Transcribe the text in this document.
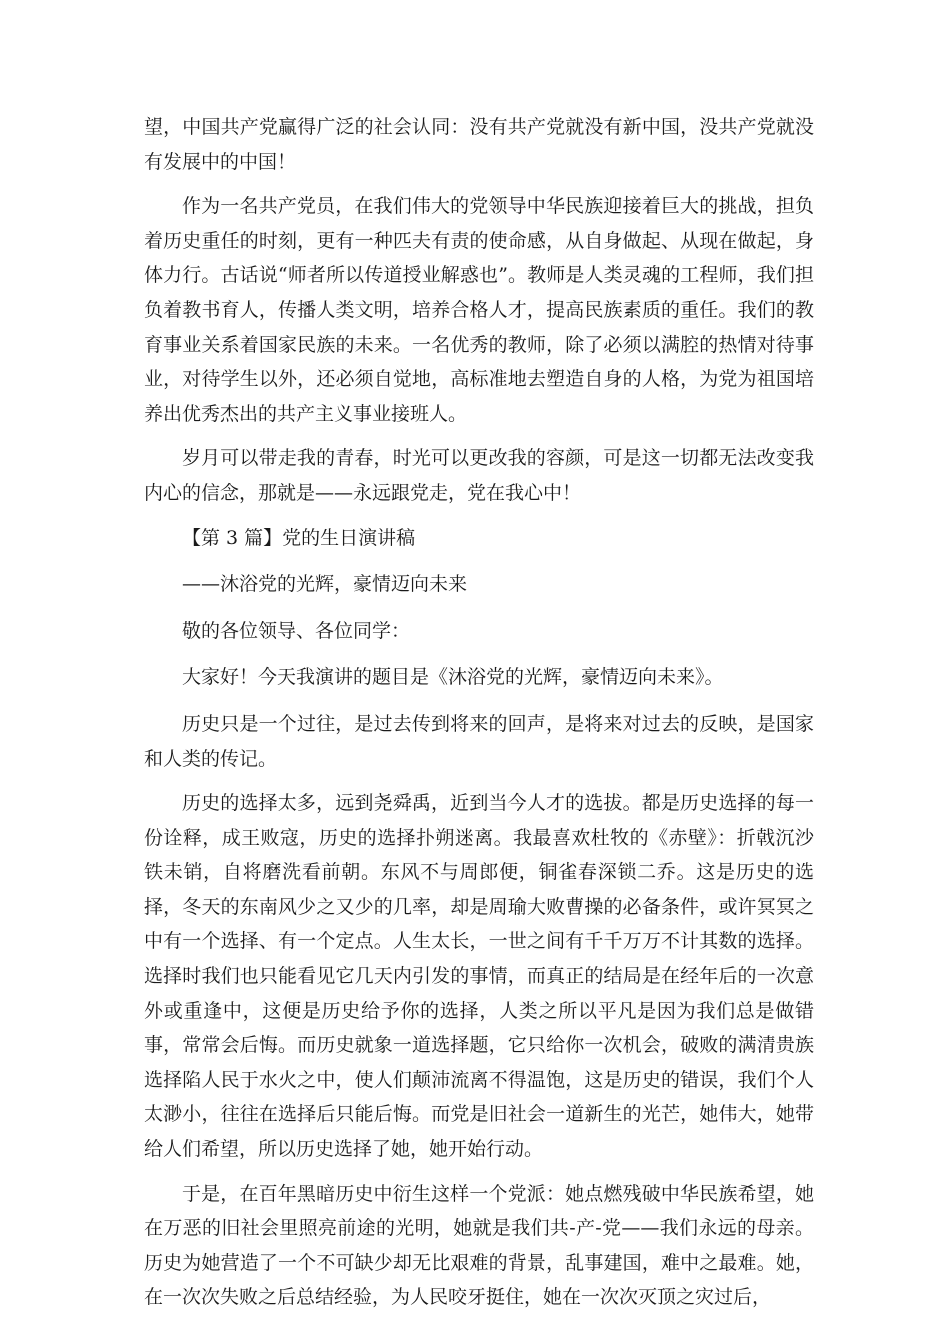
望，中国共产党赢得广泛的社会认同：没有共产党就没有新中国，没共产党就没有发展中的中国！

作为一名共产党员，在我们伟大的党领导中华民族迎接着巨大的挑战，担负着历史重任的时刻，更有一种匹夫有责的使命感，从自身做起、从现在做起，身体力行。古话说“师者所以传道授业解惑也”。教师是人类灵魂的工程师，我们担负着教书育人，传播人类文明，培养合格人才，提高民族素质的重任。我们的教育事业关系着国家民族的未来。一名优秀的教师，除了必须以满腔的热情对待事业，对待学生以外，还必须自觉地，高标准地去塑造自身的人格，为党为祖国培养出优秀杰出的共产主义事业接班人。

岁月可以带走我的青春，时光可以更改我的容颜，可是这一切都无法改变我内心的信念，那就是——永远跟党走，党在我心中！

【第 3 篇】党的生日演讲稿

——沐浴党的光辉，豪情迈向未来

敬的各位领导、各位同学：

大家好！今天我演讲的题目是《沐浴党的光辉，豪情迈向未来》。

历史只是一个过往，是过去传到将来的回声，是将来对过去的反映，是国家和人类的传记。

历史的选择太多，远到尧舜禹，近到当今人才的选拔。都是历史选择的每一份诠释，成王败寇，历史的选择扑朔迷离。我最喜欢杜牧的《赤壁》：折戟沉沙铁未销，自将磨洗看前朝。东风不与周郎便，铜雀春深锁二乔。这是历史的选择，冬天的东南风少之又少的几率，却是周瑜大败曹操的必备条件，或许冥冥之中有一个选择、有一个定点。人生太长，一世之间有千千万万不计其数的选择。选择时我们也只能看见它几天内引发的事情，而真正的结局是在经年后的一次意外或重逢中，这便是历史给予你的选择，人类之所以平凡是因为我们总是做错事，常常会后悔。而历史就象一道选择题，它只给你一次机会，破败的满清贵族选择陷人民于水火之中，使人们颠沛流离不得温饱，这是历史的错误，我们个人太渺小，往往在选择后只能后悔。而党是旧社会一道新生的光芒，她伟大，她带给人们希望，所以历史选择了她，她开始行动。

于是，在百年黑暗历史中衍生这样一个党派：她点燃残破中华民族希望，她在万恶的旧社会里照亮前途的光明，她就是我们共-产-党——我们永远的母亲。历史为她营造了一个不可缺少却无比艰难的背景，乱事建国，难中之最难。她，在一次次失败之后总结经验，为人民咬牙挺住，她在一次次灭顶之灾过后，
